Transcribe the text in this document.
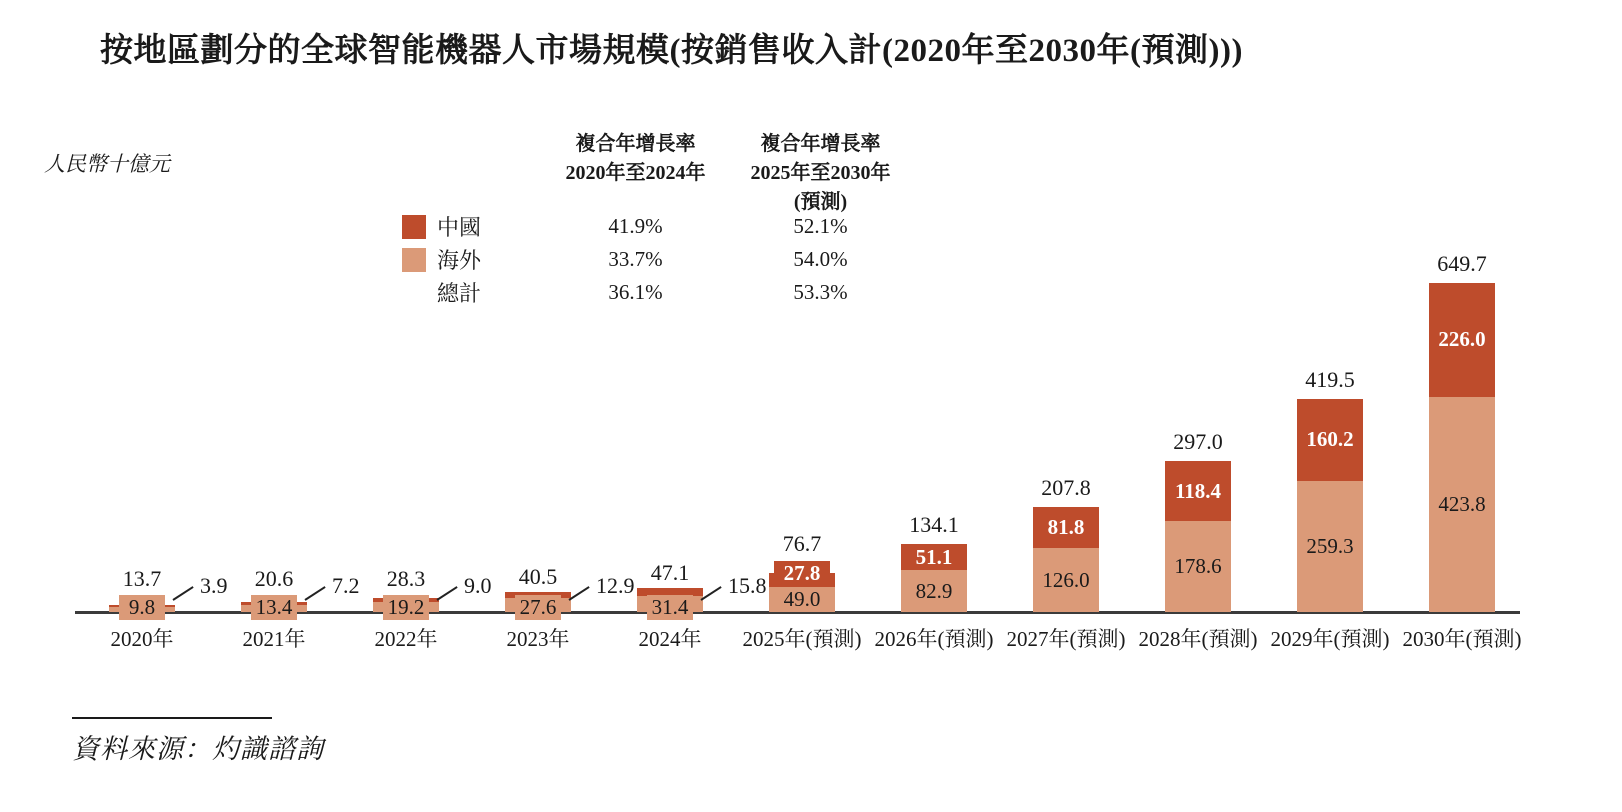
按地區劃分的全球智能機器人市場規模(按銷售收入計(2020年至2030年(預測)))
人民幣十億元
複合年增長率
2020年至2024年
複合年增長率
2025年至2030年
(預測)
中國	41.9%	52.1%
海外	33.7%	54.0%
總計	36.1%	53.3%
13.7
9.8
3.9
2020年
20.6
13.4
7.2
2021年
28.3
19.2
9.0
2022年
40.5
27.6
12.9
2023年
47.1
31.4
15.8
2024年
76.7
27.8
49.0
2025年(預測)
51.1
82.9
134.1
2026年(預測)
81.8
126.0
207.8
2027年(預測)
118.4
178.6
297.0
2028年(預測)
160.2
259.3
419.5
2029年(預測)
226.0
423.8
649.7
2030年(預測)
資料來源：灼識諮詢
